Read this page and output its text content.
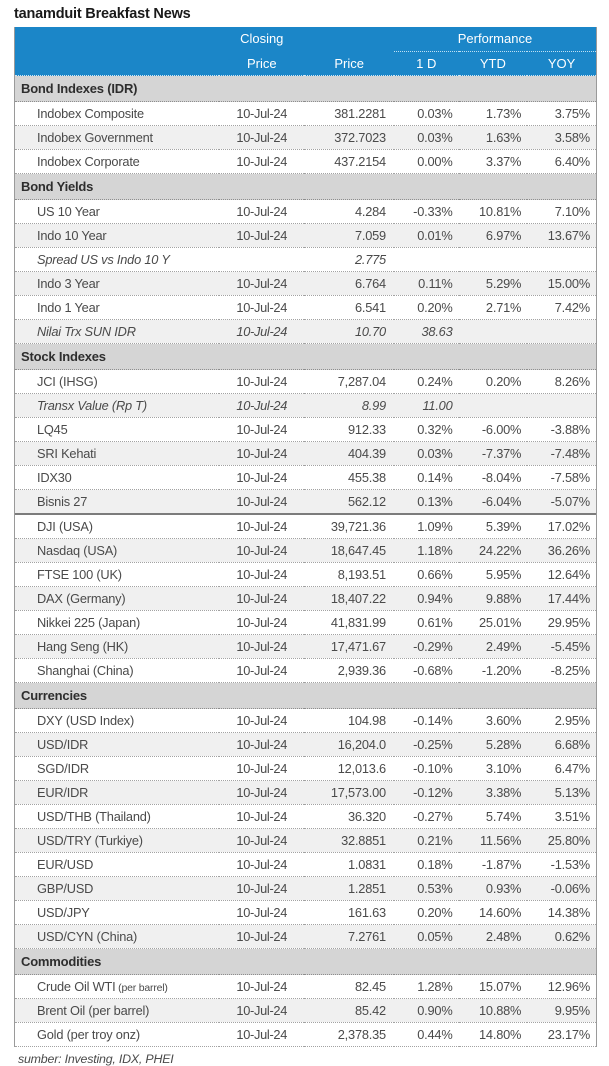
tanamduit Breakfast News
	Closing		Performance		
	Price	Price	1 D	YTD	YOY
Bond Indexes (IDR)					
Indobex Composite	10-Jul-24	381.2281	0.03%	1.73%	3.75%
Indobex Government	10-Jul-24	372.7023	0.03%	1.63%	3.58%
Indobex Corporate	10-Jul-24	437.2154	0.00%	3.37%	6.40%
Bond Yields					
US 10 Year	10-Jul-24	4.284	-0.33%	10.81%	7.10%
Indo 10 Year	10-Jul-24	7.059	0.01%	6.97%	13.67%
Spread US vs Indo 10 Y		2.775			
Indo 3 Year	10-Jul-24	6.764	0.11%	5.29%	15.00%
Indo 1 Year	10-Jul-24	6.541	0.20%	2.71%	7.42%
Nilai Trx SUN IDR	10-Jul-24	10.70	38.63		
Stock Indexes					
JCI (IHSG)	10-Jul-24	7,287.04	0.24%	0.20%	8.26%
Transx Value (Rp T)	10-Jul-24	8.99	11.00		
LQ45	10-Jul-24	912.33	0.32%	-6.00%	-3.88%
SRI Kehati	10-Jul-24	404.39	0.03%	-7.37%	-7.48%
IDX30	10-Jul-24	455.38	0.14%	-8.04%	-7.58%
Bisnis 27	10-Jul-24	562.12	0.13%	-6.04%	-5.07%
DJI (USA)	10-Jul-24	39,721.36	1.09%	5.39%	17.02%
Nasdaq (USA)	10-Jul-24	18,647.45	1.18%	24.22%	36.26%
FTSE 100 (UK)	10-Jul-24	8,193.51	0.66%	5.95%	12.64%
DAX (Germany)	10-Jul-24	18,407.22	0.94%	9.88%	17.44%
Nikkei 225 (Japan)	10-Jul-24	41,831.99	0.61%	25.01%	29.95%
Hang Seng (HK)	10-Jul-24	17,471.67	-0.29%	2.49%	-5.45%
Shanghai (China)	10-Jul-24	2,939.36	-0.68%	-1.20%	-8.25%
Currencies					
DXY (USD Index)	10-Jul-24	104.98	-0.14%	3.60%	2.95%
USD/IDR	10-Jul-24	16,204.0	-0.25%	5.28%	6.68%
SGD/IDR	10-Jul-24	12,013.6	-0.10%	3.10%	6.47%
EUR/IDR	10-Jul-24	17,573.00	-0.12%	3.38%	5.13%
USD/THB (Thailand)	10-Jul-24	36.320	-0.27%	5.74%	3.51%
USD/TRY (Turkiye)	10-Jul-24	32.8851	0.21%	11.56%	25.80%
EUR/USD	10-Jul-24	1.0831	0.18%	-1.87%	-1.53%
GBP/USD	10-Jul-24	1.2851	0.53%	0.93%	-0.06%
USD/JPY	10-Jul-24	161.63	0.20%	14.60%	14.38%
USD/CYN (China)	10-Jul-24	7.2761	0.05%	2.48%	0.62%
Commodities					
Crude Oil WTI (per barrel)	10-Jul-24	82.45	1.28%	15.07%	12.96%
Brent Oil (per barrel)	10-Jul-24	85.42	0.90%	10.88%	9.95%
Gold (per troy onz)	10-Jul-24	2,378.35	0.44%	14.80%	23.17%
sumber: Investing, IDX, PHEI
